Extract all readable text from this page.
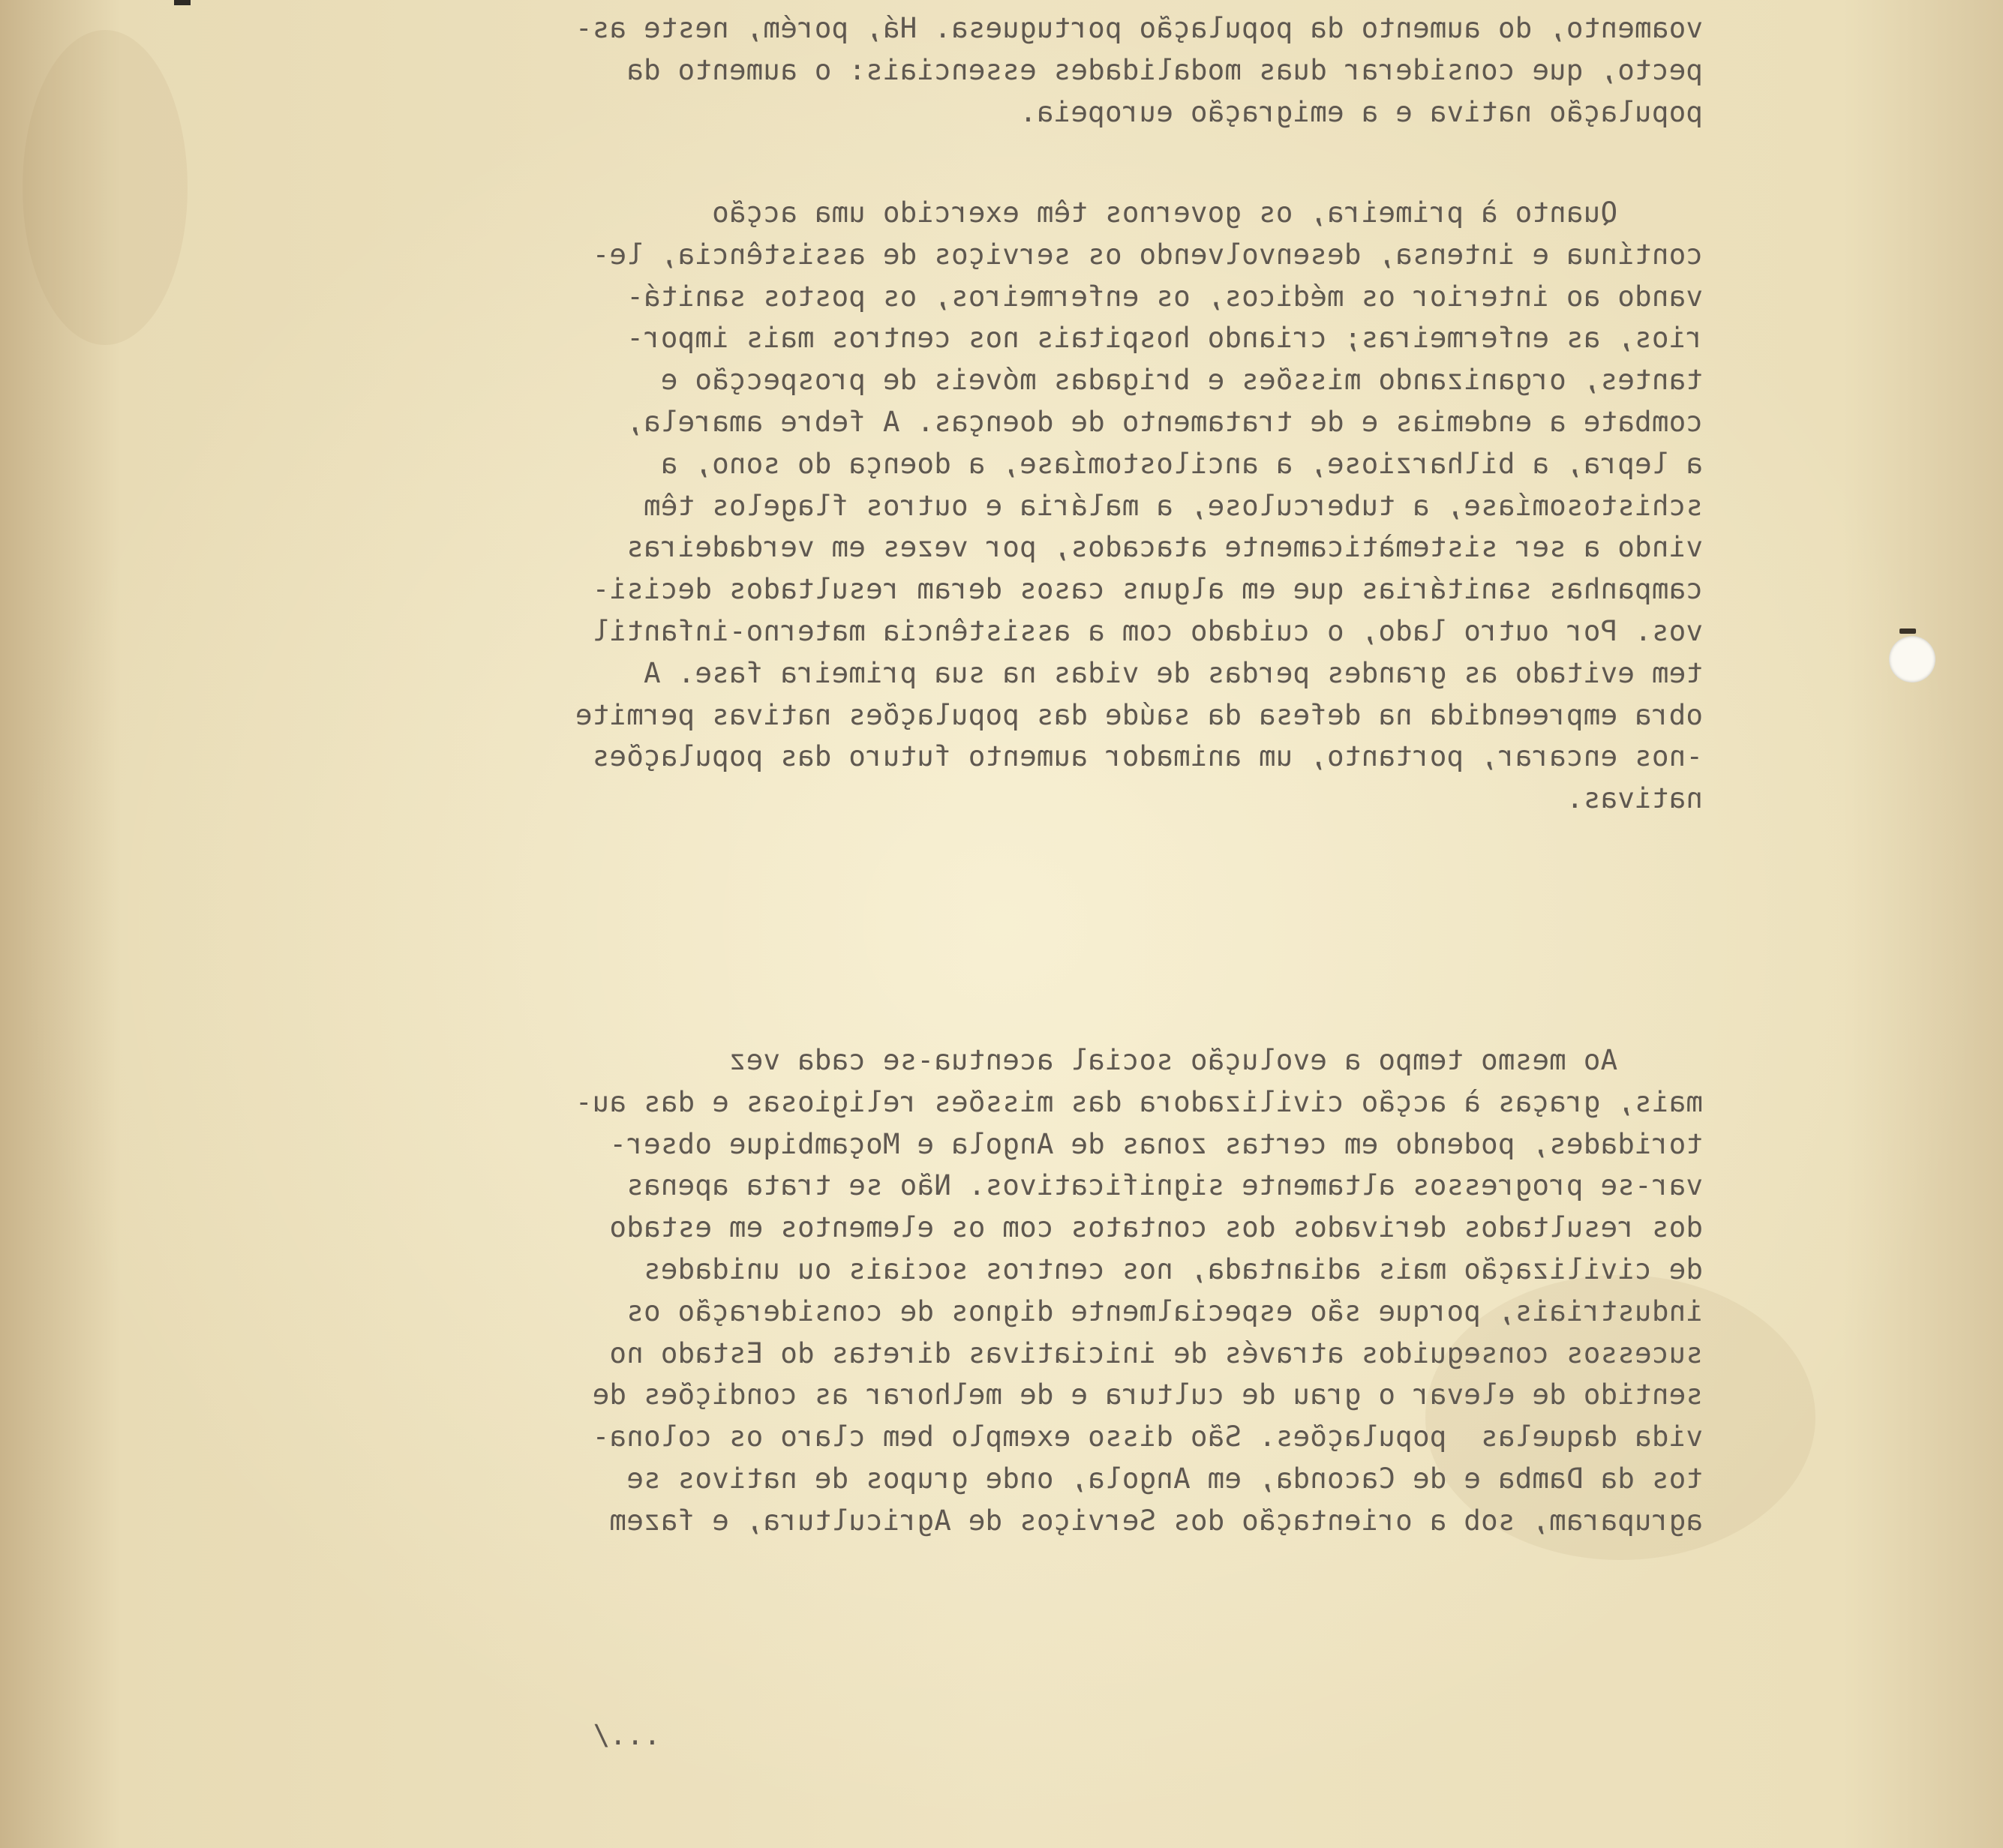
voamento, do aumento da população portuguesa. Há, porém, neste as-
pecto, que considerar duas modalidades essenciais: o aumento da
população nativa e a emigração europeia.
Quanto à primeira, os governos têm exercido uma acção
contínua e intensa, desenvolvendo os serviços de assistência, le-
vando ao interior os médicos, os enfermeiros, os postos sanitá-
rios, as enfermeiras; criando hospitais nos centros mais impor-
tantes, organizando missões e brigadas móveis de prospecção e
combate a endemias e de tratamento de doenças. A febre amarela,
a lepra, a bilharziose, a ancilostomíase, a doença do sono, a
schistosomíase, a tuberculose, a malária e outros flagelos têm
vindo a ser sistemàticamente atacados, por vezes em verdadeiras
campanhas sanitárias que em alguns casos deram resultados decisi-
vos. Por outro lado, o cuidado com a assistência materno-infantil
tem evitado as grandes perdas de vidas na sua primeira fase. A
obra empreendida na defesa da saúde das populações nativas permite
-nos encarar, portanto, um animador aumento futuro das populações
nativas.
Ao mesmo tempo a evolução social acentua-se cada vez
mais, graças à acção civilizadora das missões religiosas e das au-
toridades, podendo em certas zonas de Angola e Moçambique obser-
var-se progressos altamente significativos. Não se trata apenas
dos resultados derivados dos contatos com os elementos em estado
de civilização mais adiantada, nos centros sociais ou unidades
industriais, porque são especialmente dignos de consideração os
sucessos conseguidos através de iniciativas diretas do Estado no
sentido de elevar o grau de cultura e de melhorar as condições de
vida daquelas  populações. São disso exemplo bem claro os colona-
tos da Damba e de Caconda, em Angola, onde grupos de nativos se
agruparam, sob a orientação dos Serviços de Agricultura, e fazem
.../
